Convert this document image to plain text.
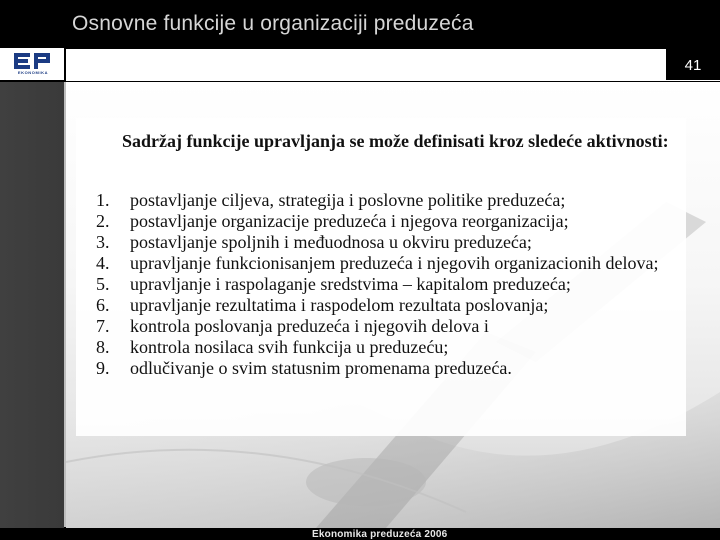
Osnovne funkcije u organizaciji preduzeća
EKONOMIKA	41
Sadržaj funkcije upravljanja se može definisati kroz sledeće aktivnosti:
1. postavljanje ciljeva, strategija i poslovne politike preduzeća;
2. postavljanje organizacije preduzeća i njegova reorganizacija;
3. postavljanje spoljnih i međuodnosa u okviru preduzeća;
4. upravljanje funkcionisanjem preduzeća i njegovih organizacionih delova;
5. upravljanje i raspolaganje sredstvima – kapitalom preduzeća;
6. upravljanje rezultatima i raspodelom rezultata poslovanja;
7. kontrola poslovanja preduzeća i njegovih delova i
8. kontrola nosilaca svih funkcija u preduzeću;
9. odlučivanje o svim statusnim promenama preduzeća.
Ekonomika preduzeća 2006
